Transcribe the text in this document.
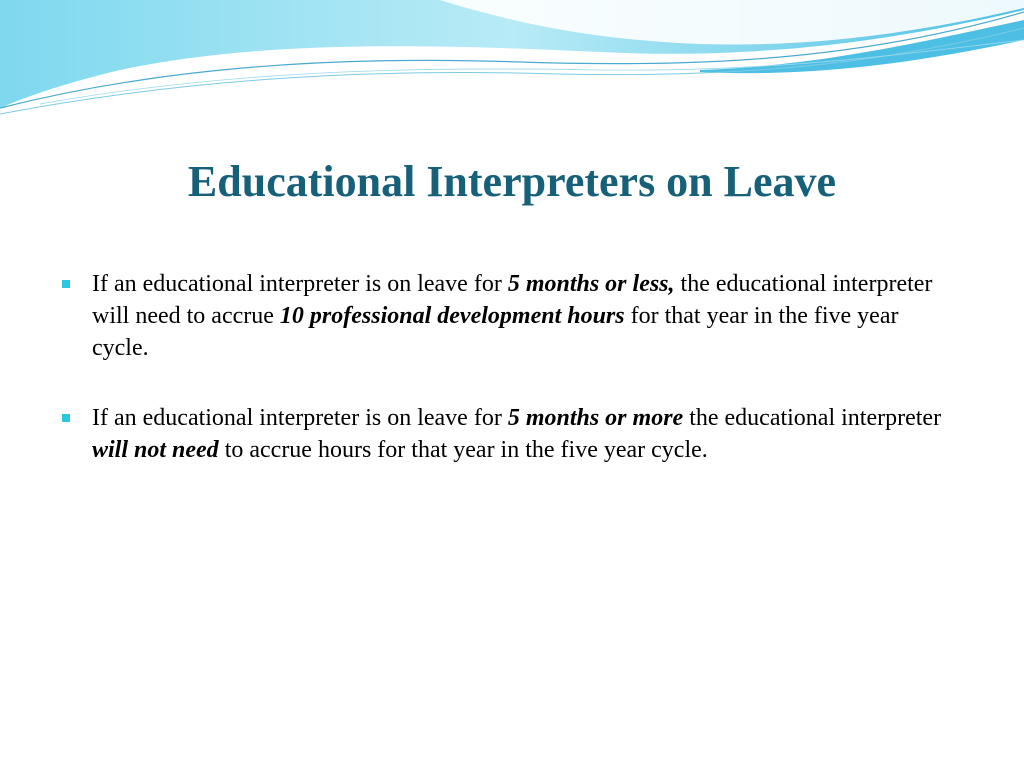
Educational Interpreters on Leave
If an educational interpreter is on leave for 5 months or less, the educational interpreter will need to accrue 10 professional development hours for that year in the five year cycle.
If an educational interpreter is on leave for 5 months or more the educational interpreter will not need to accrue hours for that year in the five year cycle.
